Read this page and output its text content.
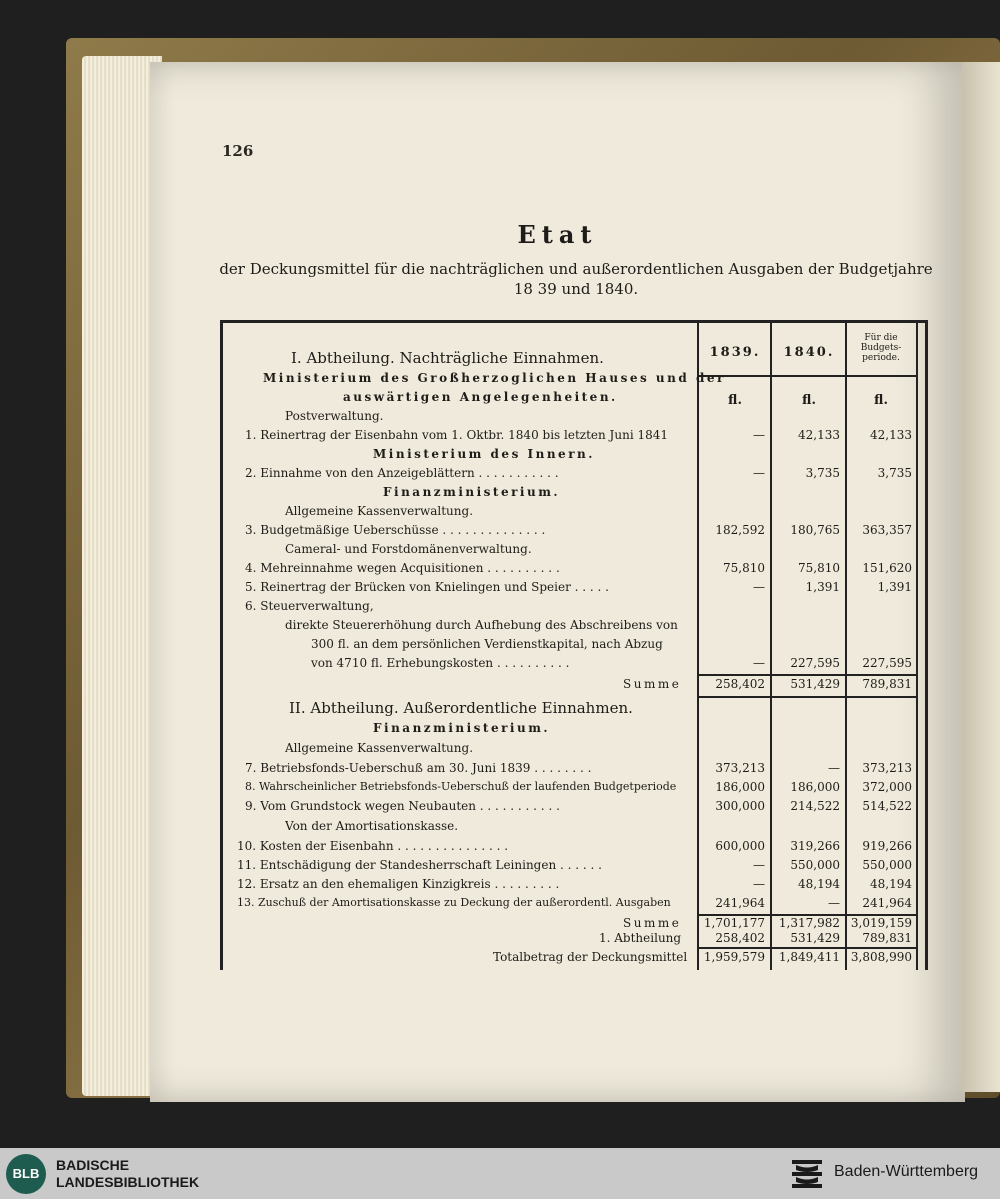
126
Etat
der Deckungsmittel für die nachträglichen und außerordentlichen Ausgaben der Budgetjahre
18 39 und 1840.
1839.	1840.
Für die Budgets-periode.
fl.	fl.	fl.
I. Abtheilung. Nachträgliche Einnahmen.
Ministerium des Großherzoglichen Hauses und der
auswärtigen Angelegenheiten.
Postverwaltung.
1. Reinertrag der Eisenbahn vom 1. Oktbr. 1840 bis letzten Juni 1841	—	42,133	42,133
Ministerium des Innern.
2. Einnahme von den Anzeigeblättern . . . . . . . . . . .	—	3,735	3,735
Finanzministerium.
Allgemeine Kassenverwaltung.
3. Budgetmäßige Ueberschüsse . . . . . . . . . . . . . .	182,592	180,765	363,357
Cameral- und Forstdomänenverwaltung.
4. Mehreinnahme wegen Acquisitionen . . . . . . . . . .	75,810	75,810	151,620
5. Reinertrag der Brücken von Knielingen und Speier . . . . .	—	1,391	1,391
6. Steuerverwaltung,
direkte Steuererhöhung durch Aufhebung des Abschreibens von
300 fl. an dem persönlichen Verdienstkapital, nach Abzug
von 4710 fl. Erhebungskosten . . . . . . . . . .	—	227,595	227,595
Summe	258,402	531,429	789,831
II. Abtheilung. Außerordentliche Einnahmen.
Finanzministerium.
Allgemeine Kassenverwaltung.
7. Betriebsfonds-Ueberschuß am 30. Juni 1839 . . . . . . . .	373,213	—	373,213
8. Wahrscheinlicher Betriebsfonds-Ueberschuß der laufenden Budgetperiode	186,000	186,000	372,000
9. Vom Grundstock wegen Neubauten . . . . . . . . . . .	300,000	214,522	514,522
Von der Amortisationskasse.
10. Kosten der Eisenbahn . . . . . . . . . . . . . . .	600,000	319,266	919,266
11. Entschädigung der Standesherrschaft Leiningen . . . . . .	—	550,000	550,000
12. Ersatz an den ehemaligen Kinzigkreis . . . . . . . . .	—	48,194	48,194
13. Zuschuß der Amortisationskasse zu Deckung der außerordentl. Ausgaben	241,964	—	241,964
Summe	1,701,177	1,317,982 3,019,159
1. Abtheilung	258,402	531,429	789,831
Totalbetrag der Deckungsmittel	1,959,579	1,849,411 3,808,990
BLB
BADISCHE
LANDESBIBLIOTHEK
Baden-Württemberg
